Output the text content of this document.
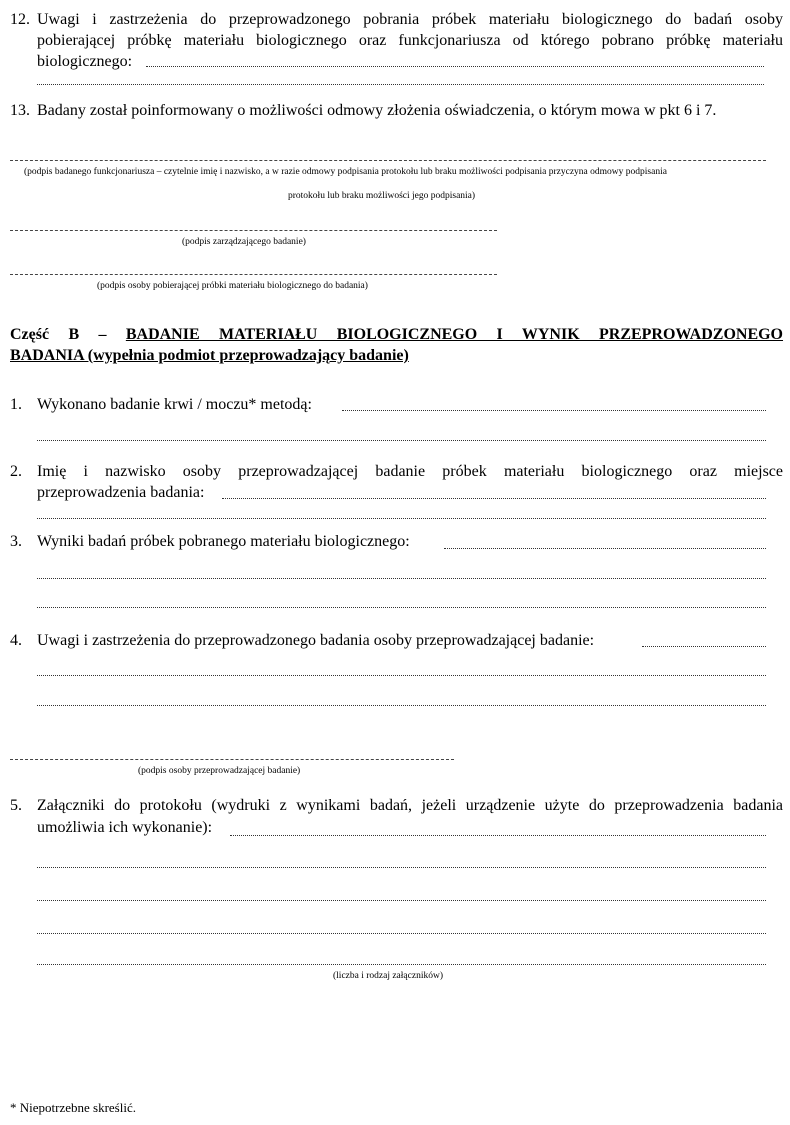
12. Uwagi i zastrzeżenia do przeprowadzonego pobrania próbek materiału biologicznego do badań osoby
pobierającej próbkę materiału biologicznego oraz funkcjonariusza od którego pobrano próbkę materiału
biologicznego:
13. Badany został poinformowany o możliwości odmowy złożenia oświadczenia, o którym mowa w pkt 6 i 7.
(podpis badanego funkcjonariusza – czytelnie imię i nazwisko, a w razie odmowy podpisania protokołu lub braku możliwości podpisania przyczyna odmowy podpisania
protokołu lub braku możliwości jego podpisania)
(podpis zarządzającego badanie)
(podpis osoby pobierającej próbki materiału biologicznego do badania)
Część B – BADANIE MATERIAŁU BIOLOGICZNEGO I WYNIK PRZEPROWADZONEGO
BADANIA (wypełnia podmiot przeprowadzający badanie)
1. Wykonano badanie krwi / moczu* metodą:
2. Imię i nazwisko osoby przeprowadzającej badanie próbek materiału biologicznego oraz miejsce
przeprowadzenia badania:
3. Wyniki badań próbek pobranego materiału biologicznego:
4. Uwagi i zastrzeżenia do przeprowadzonego badania osoby przeprowadzającej badanie:
(podpis osoby przeprowadzającej badanie)
5. Załączniki do protokołu (wydruki z wynikami badań, jeżeli urządzenie użyte do przeprowadzenia badania
umożliwia ich wykonanie):
(liczba i rodzaj załączników)
* Niepotrzebne skreślić.
